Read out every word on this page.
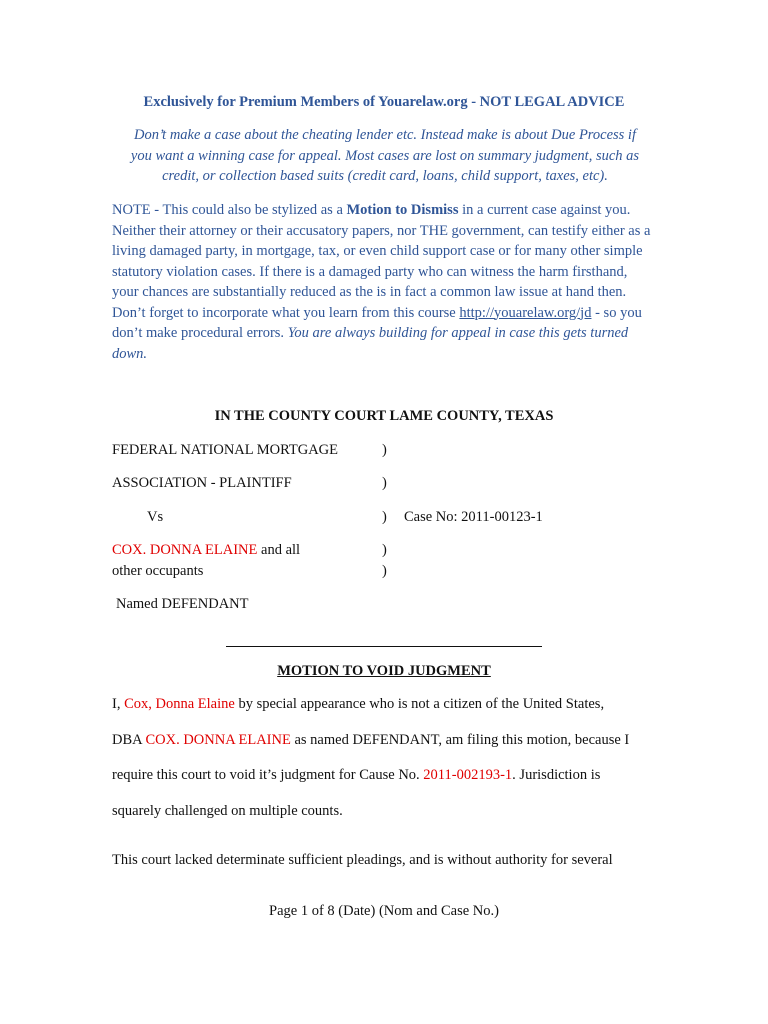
Exclusively for Premium Members of Youarelaw.org - NOT LEGAL ADVICE
Don’t make a case about the cheating lender etc. Instead make is about Due Process if
you want a winning case for appeal. Most cases are lost on summary judgment, such as
credit, or collection based suits (credit card, loans, child support, taxes, etc).
NOTE - This could also be stylized as a Motion to Dismiss in a current case against you. Neither their attorney or their accusatory papers, nor THE government, can testify either as a living damaged party, in mortgage, tax, or even child support case or for many other simple statutory violation cases. If there is a damaged party who can witness the harm firsthand, your chances are substantially reduced as the is in fact a common law issue at hand then. Don’t forget to incorporate what you learn from this course http://youarelaw.org/jd - so you don’t make procedural errors. You are always building for appeal in case this gets turned down.
IN THE COUNTY COURT LAME COUNTY, TEXAS
FEDERAL NATIONAL MORTGAGE	)
ASSOCIATION - PLAINTIFF	)
Vs	) Case No: 2011-00123-1
COX. DONNA ELAINE and all	)
other occupants	)
Named DEFENDANT
MOTION TO VOID JUDGMENT
I, Cox, Donna Elaine by special appearance who is not a citizen of the United States,
DBA COX. DONNA ELAINE as named DEFENDANT, am filing this motion, because I
require this court to void it’s judgment for Cause No. 2011-002193-1. Jurisdiction is
squarely challenged on multiple counts.
This court lacked determinate sufficient pleadings, and is without authority for several
Page 1 of 8 (Date) (Nom and Case No.)
